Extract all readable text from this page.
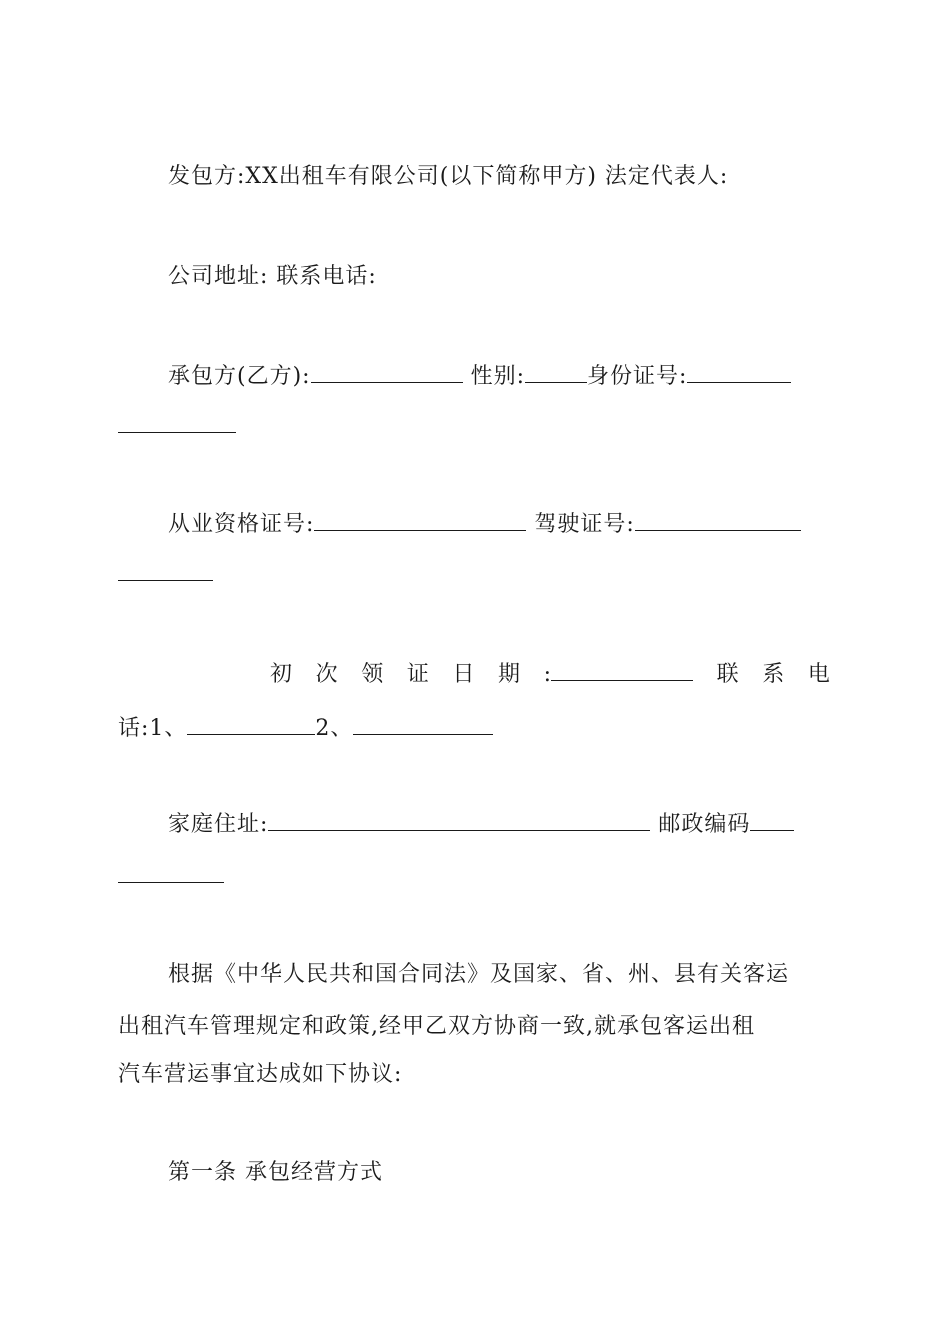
发包方:XX出租车有限公司(以下简称甲方) 法定代表人:
公司地址: 联系电话:
承包方(乙方):	性别:	身份证号:
从业资格证号:	驾驶证号:
初 次 领 证 日 期 :	联 系 电
话:1、	2、
家庭住址:	邮政编码
根据《中华人民共和国合同法》及国家、省、州、县有关客运
出租汽车管理规定和政策,经甲乙双方协商一致,就承包客运出租
汽车营运事宜达成如下协议:
第一条 承包经营方式
